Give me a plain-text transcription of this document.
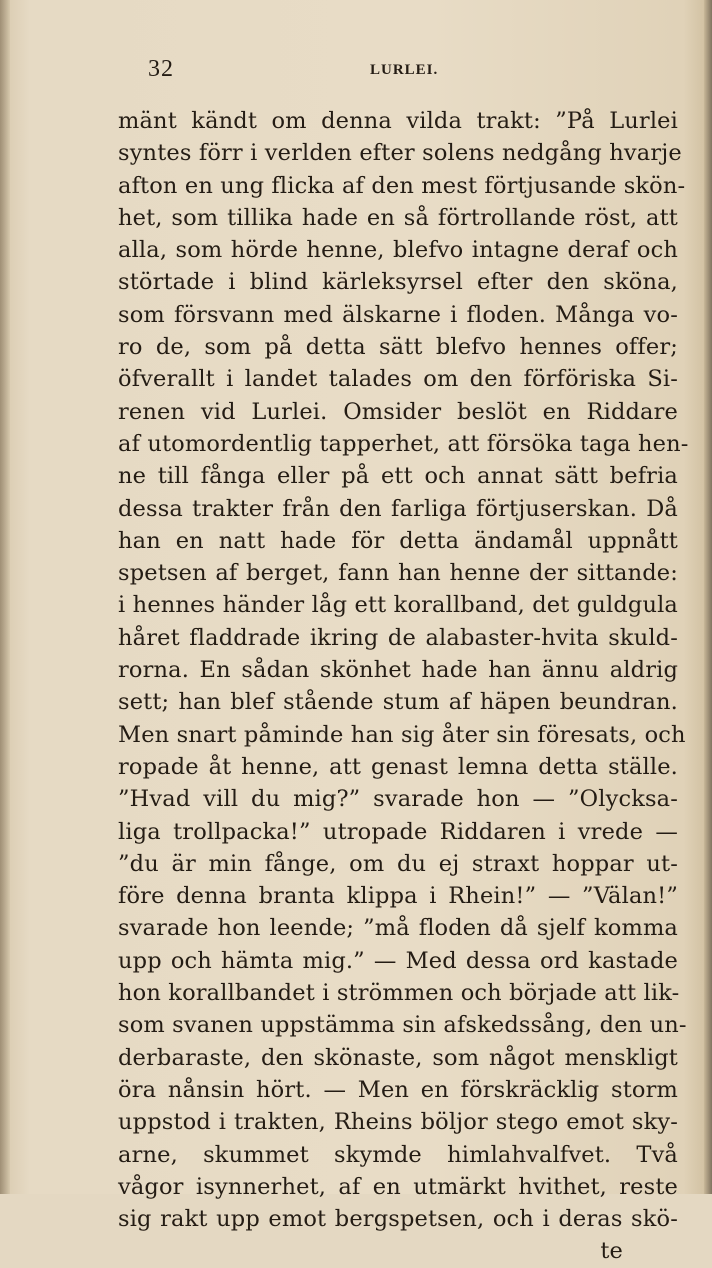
32	LURLEI.
mänt kändt om denna vilda trakt: ”På Lurlei
syntes förr i verlden efter solens nedgång hvarje
afton en ung flicka af den mest förtjusande skön-
het, som tillika hade en så förtrollande röst, att
alla, som hörde henne, blefvo intagne deraf och
störtade i blind kärleksyrsel efter den sköna,
som försvann med älskarne i floden. Många vo-
ro de, som på detta sätt blefvo hennes offer;
öfverallt i landet talades om den förföriska Si-
renen vid Lurlei. Omsider beslöt en Riddare
af utomordentlig tapperhet, att försöka taga hen-
ne till fånga eller på ett och annat sätt befria
dessa trakter från den farliga förtjuserskan. Då
han en natt hade för detta ändamål uppnått
spetsen af berget, fann han henne der sittande:
i hennes händer låg ett korallband, det guldgula
håret fladdrade ikring de alabaster-hvita skuld-
rorna. En sådan skönhet hade han ännu aldrig
sett; han blef stående stum af häpen beundran.
Men snart påminde han sig åter sin föresats, och
ropade åt henne, att genast lemna detta ställe.
”Hvad vill du mig?” svarade hon — ”Olycksa-
liga trollpacka!” utropade Riddaren i vrede —
”du är min fånge, om du ej straxt hoppar ut-
före denna branta klippa i Rhein!” — ”Välan!”
svarade hon leende; ”må floden då sjelf komma
upp och hämta mig.” — Med dessa ord kastade
hon korallbandet i strömmen och började att lik-
som svanen uppstämma sin afskedssång, den un-
derbaraste, den skönaste, som något menskligt
öra nånsin hört. — Men en förskräcklig storm
uppstod i trakten, Rheins böljor stego emot sky-
arne, skummet skymde himlahvalfvet. Två
vågor isynnerhet, af en utmärkt hvithet, reste
sig rakt upp emot bergspetsen, och i deras skö-
te
